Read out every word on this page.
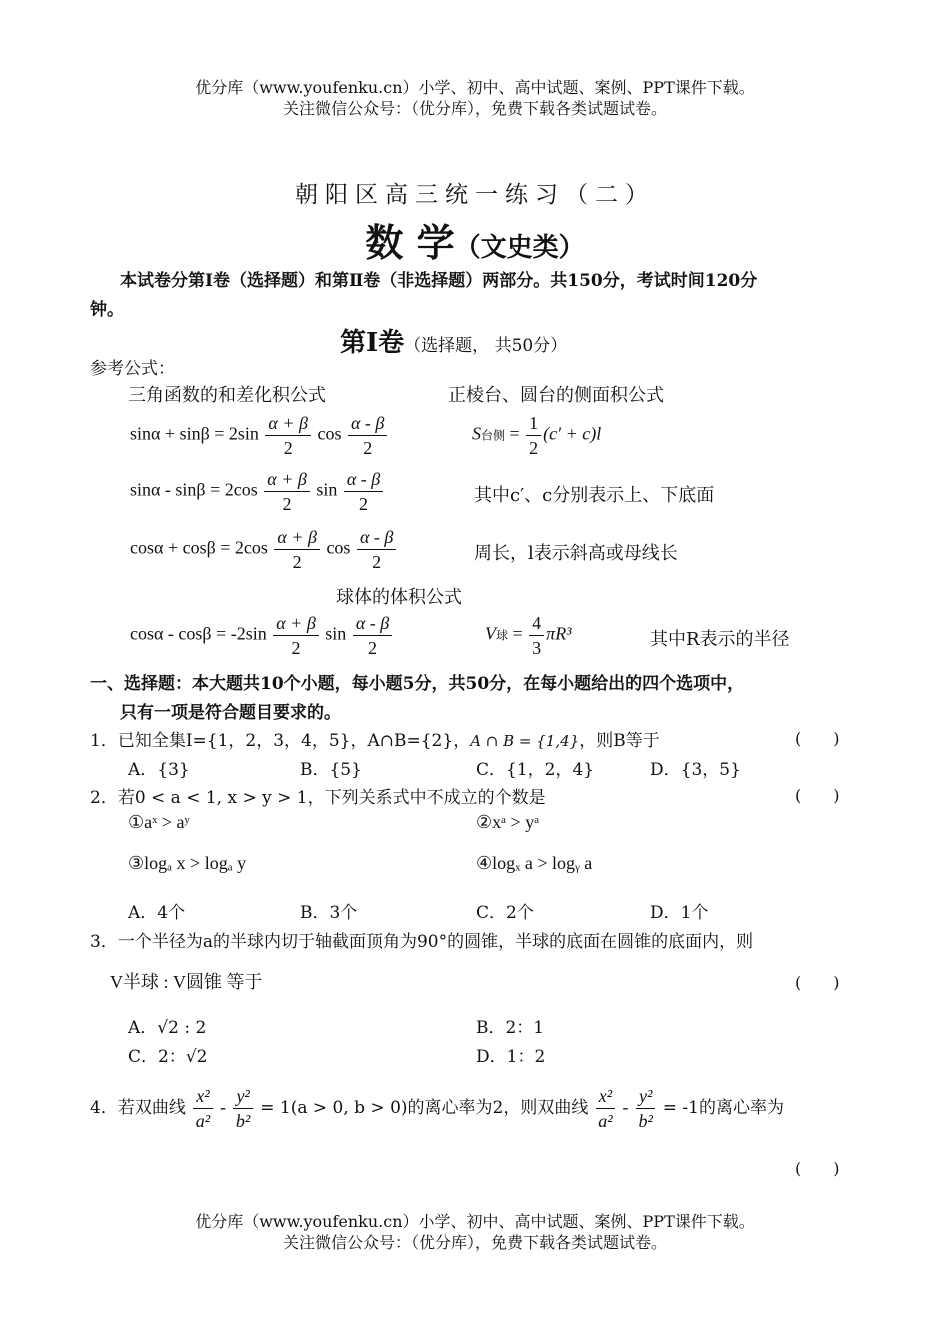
优分库（www.youfenku.cn）小学、初中、高中试题、案例、PPT课件下载。
关注微信公众号：（优分库），免费下载各类试题试卷。
朝阳区高三统一练习（二）
数 学（文史类）
本试卷分第Ⅰ卷（选择题）和第Ⅱ卷（非选择题）两部分。共150分，考试时间120分
钟。
第Ⅰ卷（选择题， 共50分）
参考公式：
三角函数的和差化积公式	正棱台、圆台的侧面积公式
$\sin\alpha + \sin\beta = 2\sin \frac{\alpha + \beta}{2}$ $\cos \frac{\alpha - \beta}{2}$	S台侧 = $\frac{1}{2} (c' + c)l$
$\sin\alpha - \sin\beta = 2\cos \frac{\alpha + \beta}{2}$ $\sin \frac{\alpha - \beta}{2}$	其中c′、c分别表示上、下底面
$\cos\alpha + \cos\beta = 2\cos \frac{\alpha + \beta}{2}$ $\cos \frac{\alpha - \beta}{2}$	周长，l表示斜高或母线长
球体的体积公式
$\cos\alpha - \cos\beta = -2\sin \frac{\alpha + \beta}{2}$ $\sin \frac{\alpha - \beta}{2}$	V球 = $\frac{4}{3} \pi R^3$	其中R表示的半径
一、选择题：本大题共10个小题，每小题5分，共50分，在每小题给出的四个选项中，
只有一项是符合题目要求的。
1．已知全集I={1，2，3，4，5}，A∩B={2}，A ∩ B = {1,4}，则B等于	(　　)
A．{3}	B．{5}	C．{1，2，4}	D．{3，5}
2．若0 < a < 1, x > y > 1，下列关系式中不成立的个数是	(　　)
①aˣ > aʸ	②xᵃ > yᵃ
③logₐ x > logₐ y	④logₓ a > logᵧ a
A．4个	B．3个	C．2个	D．1个
3．一个半径为a的半球内切于轴截面顶角为90°的圆锥，半球的底面在圆锥的底面内，则
V半球 : V圆锥 等于	(　　)
A．√2 : 2	B．2：1
C．2：√2	D．1：2
4．若双曲线 $\frac{\text{x²}}{\text{a²}} - \frac{\text{y²}}{\text{b²}} = 1(a > 0$, b > 0)的离心率为2，则双曲线 $\frac{\text{x²}}{\text{a²}} - \frac{\text{y²}}{\text{b²}} = -1$的离心率为
(　　)
优分库（www.youfenku.cn）小学、初中、高中试题、案例、PPT课件下载。
关注微信公众号：（优分库），免费下载各类试题试卷。
